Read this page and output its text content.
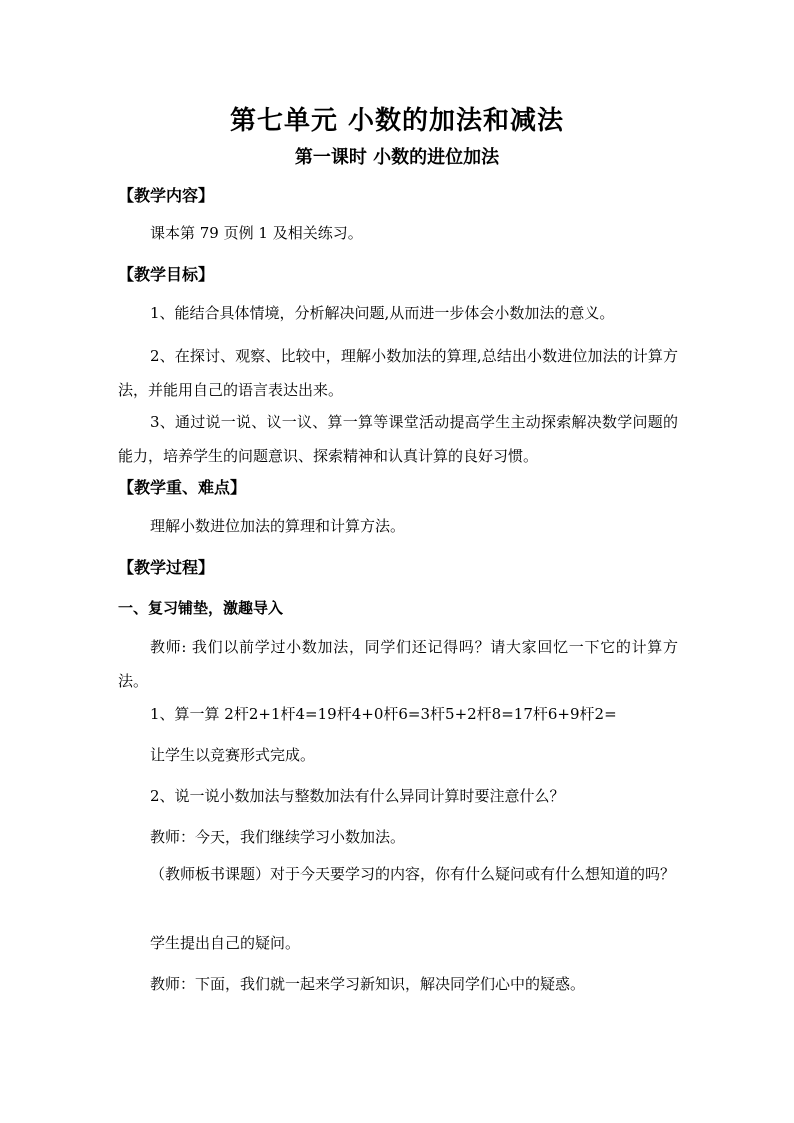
第七单元 小数的加法和减法
第一课时 小数的进位加法
【教学内容】
课本第 79 页例 1 及相关练习。
【教学目标】
1、能结合具体情境，分析解决问题,从而进一步体会小数加法的意义。
2、在探讨、观察、比较中，理解小数加法的算理,总结出小数进位加法的计算方法，并能用自己的语言表达出来。
3、通过说一说、议一议、算一算等课堂活动提高学生主动探索解决数学问题的能力，培养学生的问题意识、探索精神和认真计算的良好习惯。
【教学重、难点】
理解小数进位加法的算理和计算方法。
【教学过程】
一、复习铺垫，激趣导入
教师: 我们以前学过小数加法，同学们还记得吗？请大家回忆一下它的计算方法。
1、算一算 2杆2+1杆4=19杆4+0杆6=3杆5+2杆8=17杆6+9杆2=
让学生以竞赛形式完成。
2、说一说小数加法与整数加法有什么异同计算时要注意什么？
教师：今天，我们继续学习小数加法。
（教师板书课题）对于今天要学习的内容，你有什么疑问或有什么想知道的吗？
学生提出自己的疑问。
教师：下面，我们就一起来学习新知识，解决同学们心中的疑惑。
